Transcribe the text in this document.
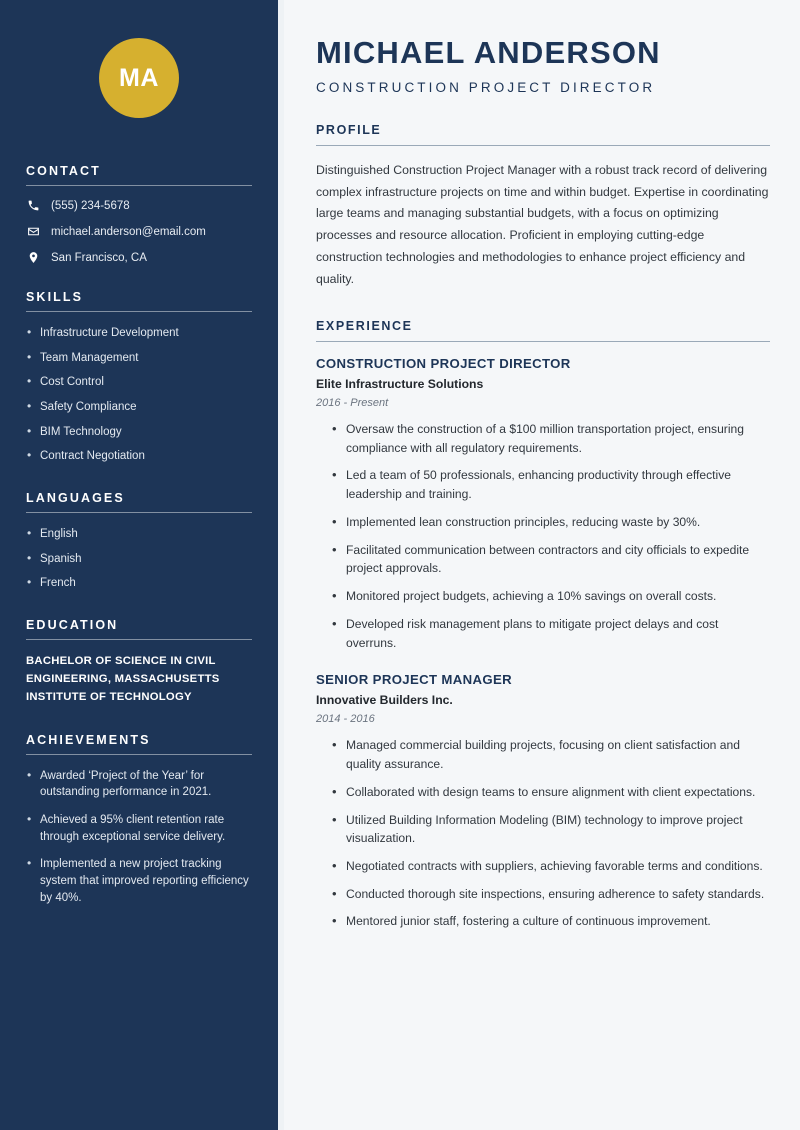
MA
CONTACT
(555) 234-5678
michael.anderson@email.com
San Francisco, CA
SKILLS
• Infrastructure Development
• Team Management
• Cost Control
• Safety Compliance
• BIM Technology
• Contract Negotiation
LANGUAGES
• English
• Spanish
• French
EDUCATION
BACHELOR OF SCIENCE IN CIVIL ENGINEERING, MASSACHUSETTS INSTITUTE OF TECHNOLOGY
ACHIEVEMENTS
• Awarded ‘Project of the Year’ for outstanding performance in 2021.
• Achieved a 95% client retention rate through exceptional service delivery.
• Implemented a new project tracking system that improved reporting efficiency by 40%.
MICHAEL ANDERSON
CONSTRUCTION PROJECT DIRECTOR
PROFILE

Distinguished Construction Project Manager with a robust track record of delivering complex infrastructure projects on time and within budget. Expertise in coordinating large teams and managing substantial budgets, with a focus on optimizing processes and resource allocation. Proficient in employing cutting-edge construction technologies and methodologies to enhance project efficiency and quality.

EXPERIENCE
CONSTRUCTION PROJECT DIRECTOR
Elite Infrastructure Solutions
2016 - Present
• Oversaw the construction of a $100 million transportation project, ensuring compliance with all regulatory requirements.
• Led a team of 50 professionals, enhancing productivity through effective leadership and training.
• Implemented lean construction principles, reducing waste by 30%.
• Facilitated communication between contractors and city officials to expedite project approvals.
• Monitored project budgets, achieving a 10% savings on overall costs.
• Developed risk management plans to mitigate project delays and cost overruns.
SENIOR PROJECT MANAGER
Innovative Builders Inc.
2014 - 2016
• Managed commercial building projects, focusing on client satisfaction and quality assurance.
• Collaborated with design teams to ensure alignment with client expectations.
• Utilized Building Information Modeling (BIM) technology to improve project visualization.
• Negotiated contracts with suppliers, achieving favorable terms and conditions.
• Conducted thorough site inspections, ensuring adherence to safety standards.
• Mentored junior staff, fostering a culture of continuous improvement.
